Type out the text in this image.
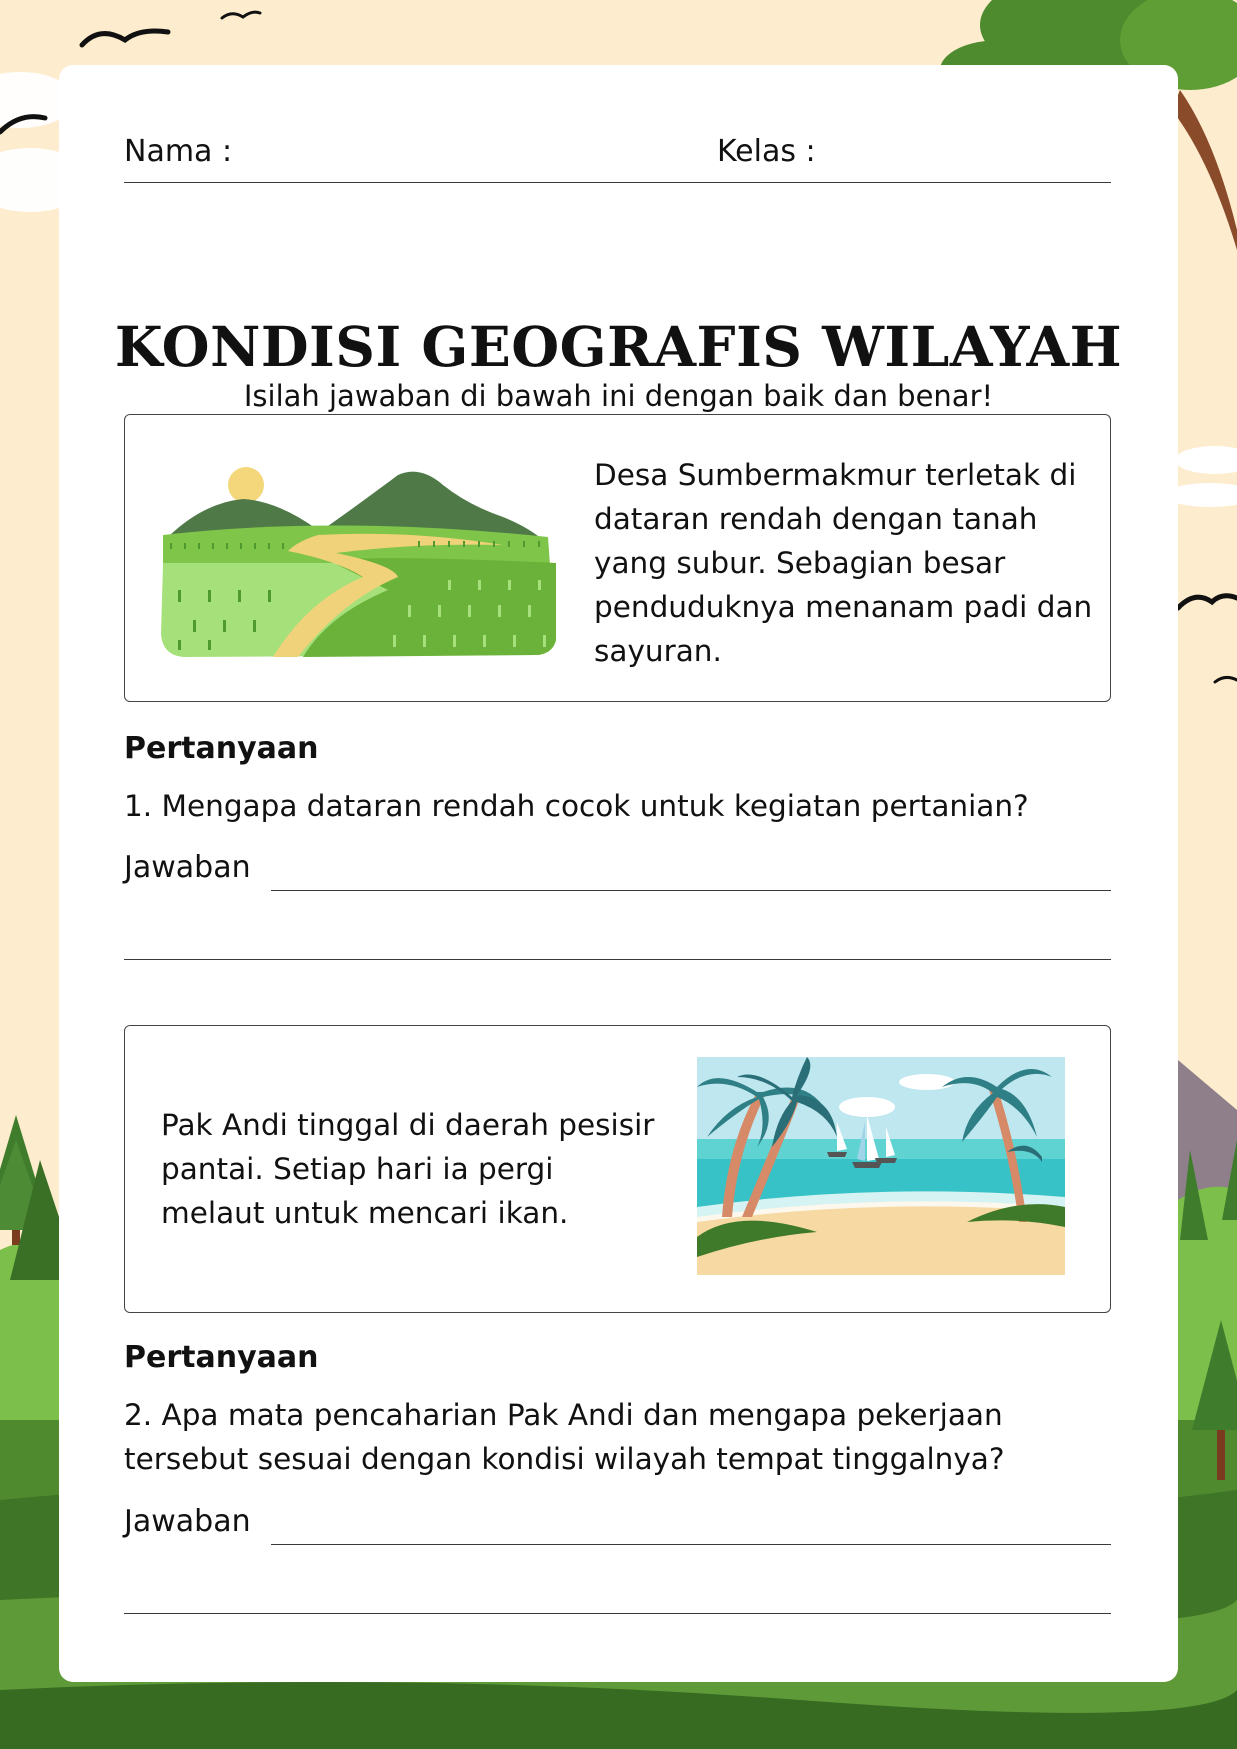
Nama :	Kelas :
KONDISI GEOGRAFIS WILAYAH
Isilah jawaban di bawah ini dengan baik dan benar!
Desa Sumbermakmur terletak di dataran rendah dengan tanah yang subur. Sebagian besar penduduknya menanam padi dan sayuran.
Pertanyaan
1. Mengapa dataran rendah cocok untuk kegiatan pertanian?
Jawaban
Pak Andi tinggal di daerah pesisir pantai. Setiap hari ia pergi melaut untuk mencari ikan.
Pertanyaan
2. Apa mata pencaharian Pak Andi dan mengapa pekerjaan tersebut sesuai dengan kondisi wilayah tempat tinggalnya?
Jawaban
